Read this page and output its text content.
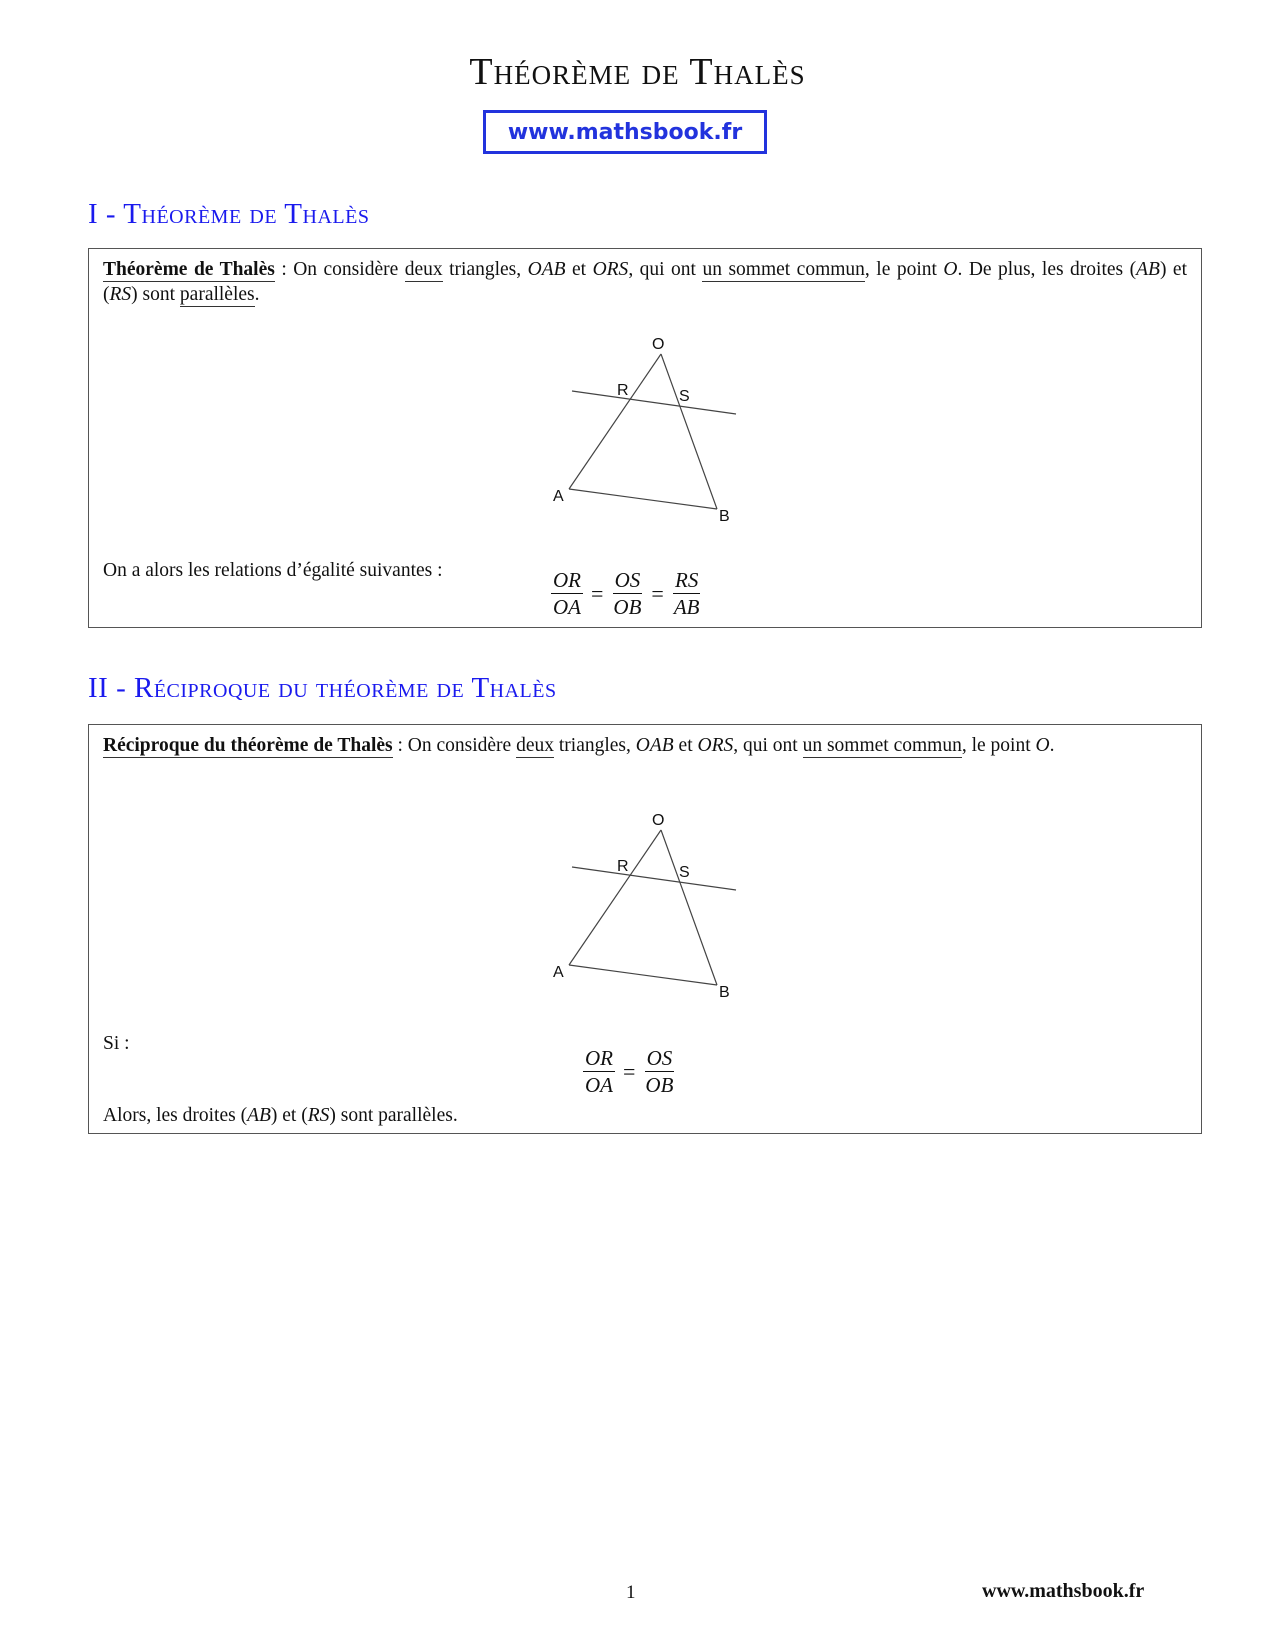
Théorème de Thalès
www.mathsbook.fr
I - Théorème de Thalès

Théorème de Thalès : On considère deux triangles, OAB et ORS, qui ont un sommet commun, le point O. De plus, les droites (AB) et (RS) sont parallèles.

O
R	S
A
B
On a alors les relations d’égalité suivantes :	$\frac{OR}{OA} = \frac{OS}{OB} = \frac{RS}{AB}$
II - Réciproque du théorème de Thalès

Réciproque du théorème de Thalès : On considère deux triangles, OAB et ORS, qui ont un sommet commun, le point O.

O
R	S
A
B
Si :
$\frac{OR}{OA} = \frac{OS}{OB}$
Alors, les droites (AB) et (RS) sont parallèles.
1	www.mathsbook.fr
